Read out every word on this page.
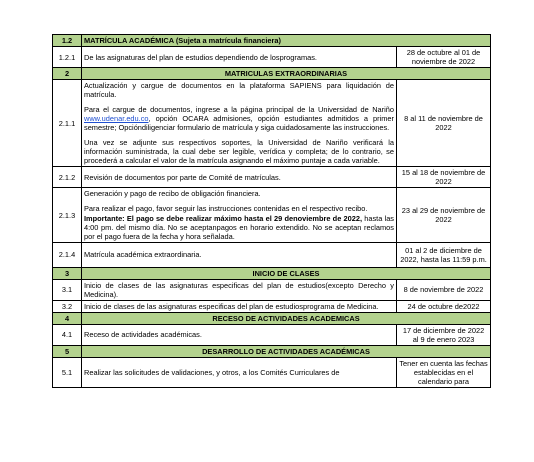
1.2	MATRÍCULA ACADÉMICA (Sujeta a matrícula financiera)	
1.2.1	De las asignaturas del plan de estudios dependiendo de losprogramas.	28 de octubre al 01 de noviembre de 2022
2	MATRICULAS EXTRAORDINARIAS	
2.1.1	Actualización y cargue de documentos en la plataforma SAPIENS para liquidación de matrícula.
Para el cargue de documentos, ingrese a la página principal de la Universidad de Nariño www.udenar.edu.co, opción OCARA admisiones, opción estudiantes admitidos a primer semestre; Opcióndiligenciar formulario de matrícula y siga cuidadosamente las instrucciones.
Una vez se adjunte sus respectivos soportes, la Universidad de Nariño verificará la información suministrada, la cual debe ser legible, verídica y completa; de lo contrario, se procederá a calcular el valor de la matrícula asignando el máximo puntaje a cada variable.	8 al 11 de noviembre de 2022
2.1.2	Revisión de documentos por parte de Comité de matrículas.	15 al 18 de noviembre de 2022
2.1.3	Generación y pago de recibo de obligación financiera.
Para realizar el pago, favor seguir las instrucciones contenidas en el respectivo recibo.
Importante: El pago se debe realizar máximo hasta el 29 denoviembre de 2022, hasta las 4:00 pm. del mismo día. No se aceptanpagos en horario extendido. No se aceptan reclamos por el pago fuera de la fecha y hora señalada.	23 al 29 de noviembre de 2022
2.1.4	Matrícula académica extraordinaria.	01 al 2 de diciembre de 2022, hasta las 11:59 p.m.
3	INICIO DE CLASES	
3.1	Inicio de clases de las asignaturas especificas del plan de estudios(excepto Derecho y Medicina).	8 de noviembre de 2022
3.2	Inicio de clases de las asignaturas especificas del plan de estudiosprograma de Medicina.	24 de octubre de2022
4	RECESO DE ACTIVIDADES ACADEMICAS	
4.1	Receso de actividades académicas.	17 de diciembre de 2022 al 9 de enero 2023
5	DESARROLLO DE ACTIVIDADES ACADÉMICAS	
5.1	Realizar las solicitudes de validaciones, y otros, a los Comités Curriculares de	Tener en cuenta las fechas establecidas en el calendario para
